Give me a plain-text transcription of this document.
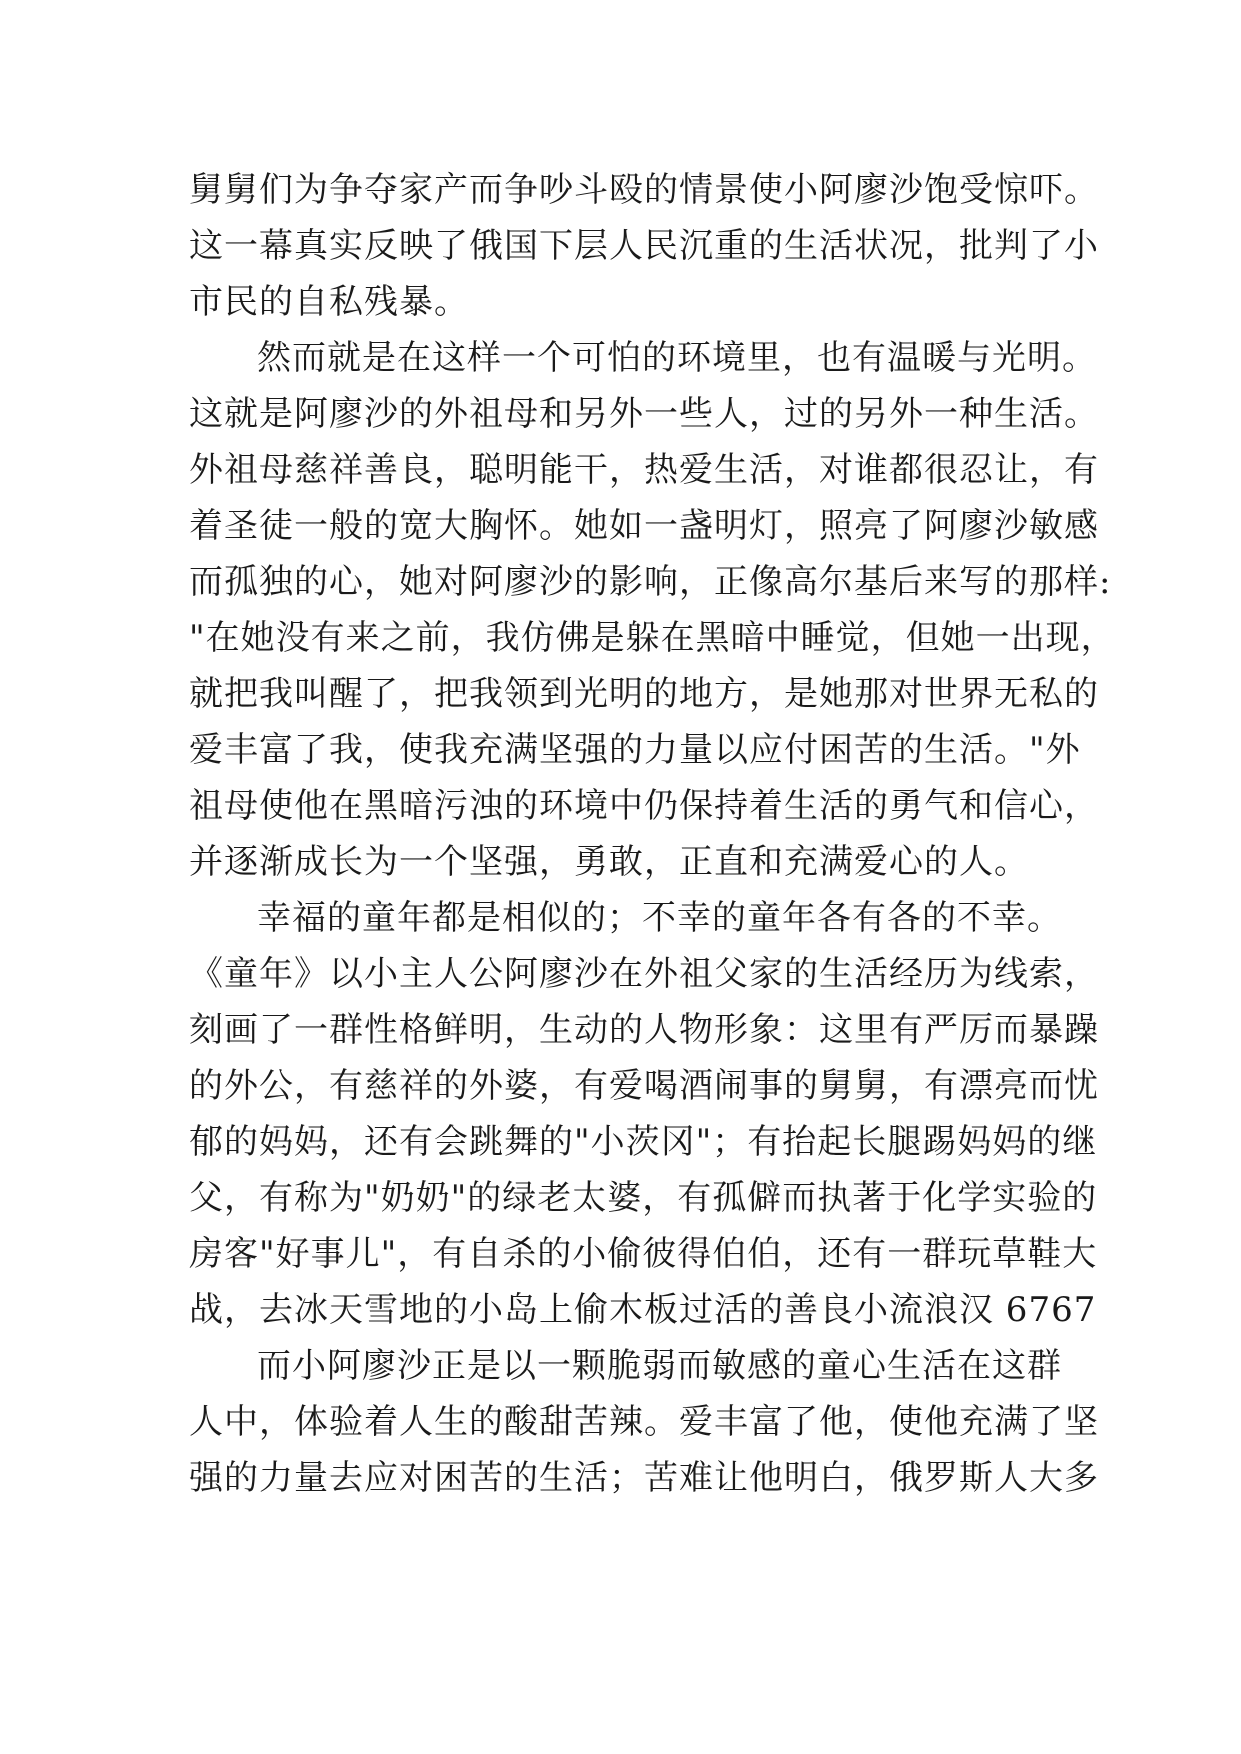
舅舅们为争夺家产而争吵斗殴的情景使小阿廖沙饱受惊吓。
这一幕真实反映了俄国下层人民沉重的生活状况，批判了小
市民的自私残暴。
然而就是在这样一个可怕的环境里，也有温暖与光明。
这就是阿廖沙的外祖母和另外一些人，过的另外一种生活。
外祖母慈祥善良，聪明能干，热爱生活，对谁都很忍让，有
着圣徒一般的宽大胸怀。她如一盏明灯，照亮了阿廖沙敏感
而孤独的心，她对阿廖沙的影响，正像高尔基后来写的那样:
"在她没有来之前，我仿佛是躲在黑暗中睡觉，但她一出现，
就把我叫醒了，把我领到光明的地方，是她那对世界无私的
爱丰富了我，使我充满坚强的力量以应付困苦的生活。"外
祖母使他在黑暗污浊的环境中仍保持着生活的勇气和信心，
并逐渐成长为一个坚强，勇敢，正直和充满爱心的人。
幸福的童年都是相似的；不幸的童年各有各的不幸。
《童年》以小主人公阿廖沙在外祖父家的生活经历为线索，
刻画了一群性格鲜明，生动的人物形象：这里有严厉而暴躁
的外公，有慈祥的外婆，有爱喝酒闹事的舅舅，有漂亮而忧
郁的妈妈，还有会跳舞的"小茨冈"；有抬起长腿踢妈妈的继
父，有称为"奶奶"的绿老太婆，有孤僻而执著于化学实验的
房客"好事儿"，有自杀的小偷彼得伯伯，还有一群玩草鞋大
战，去冰天雪地的小岛上偷木板过活的善良小流浪汉 6767
而小阿廖沙正是以一颗脆弱而敏感的童心生活在这群
人中，体验着人生的酸甜苦辣。爱丰富了他，使他充满了坚
强的力量去应对困苦的生活；苦难让他明白，俄罗斯人大多
